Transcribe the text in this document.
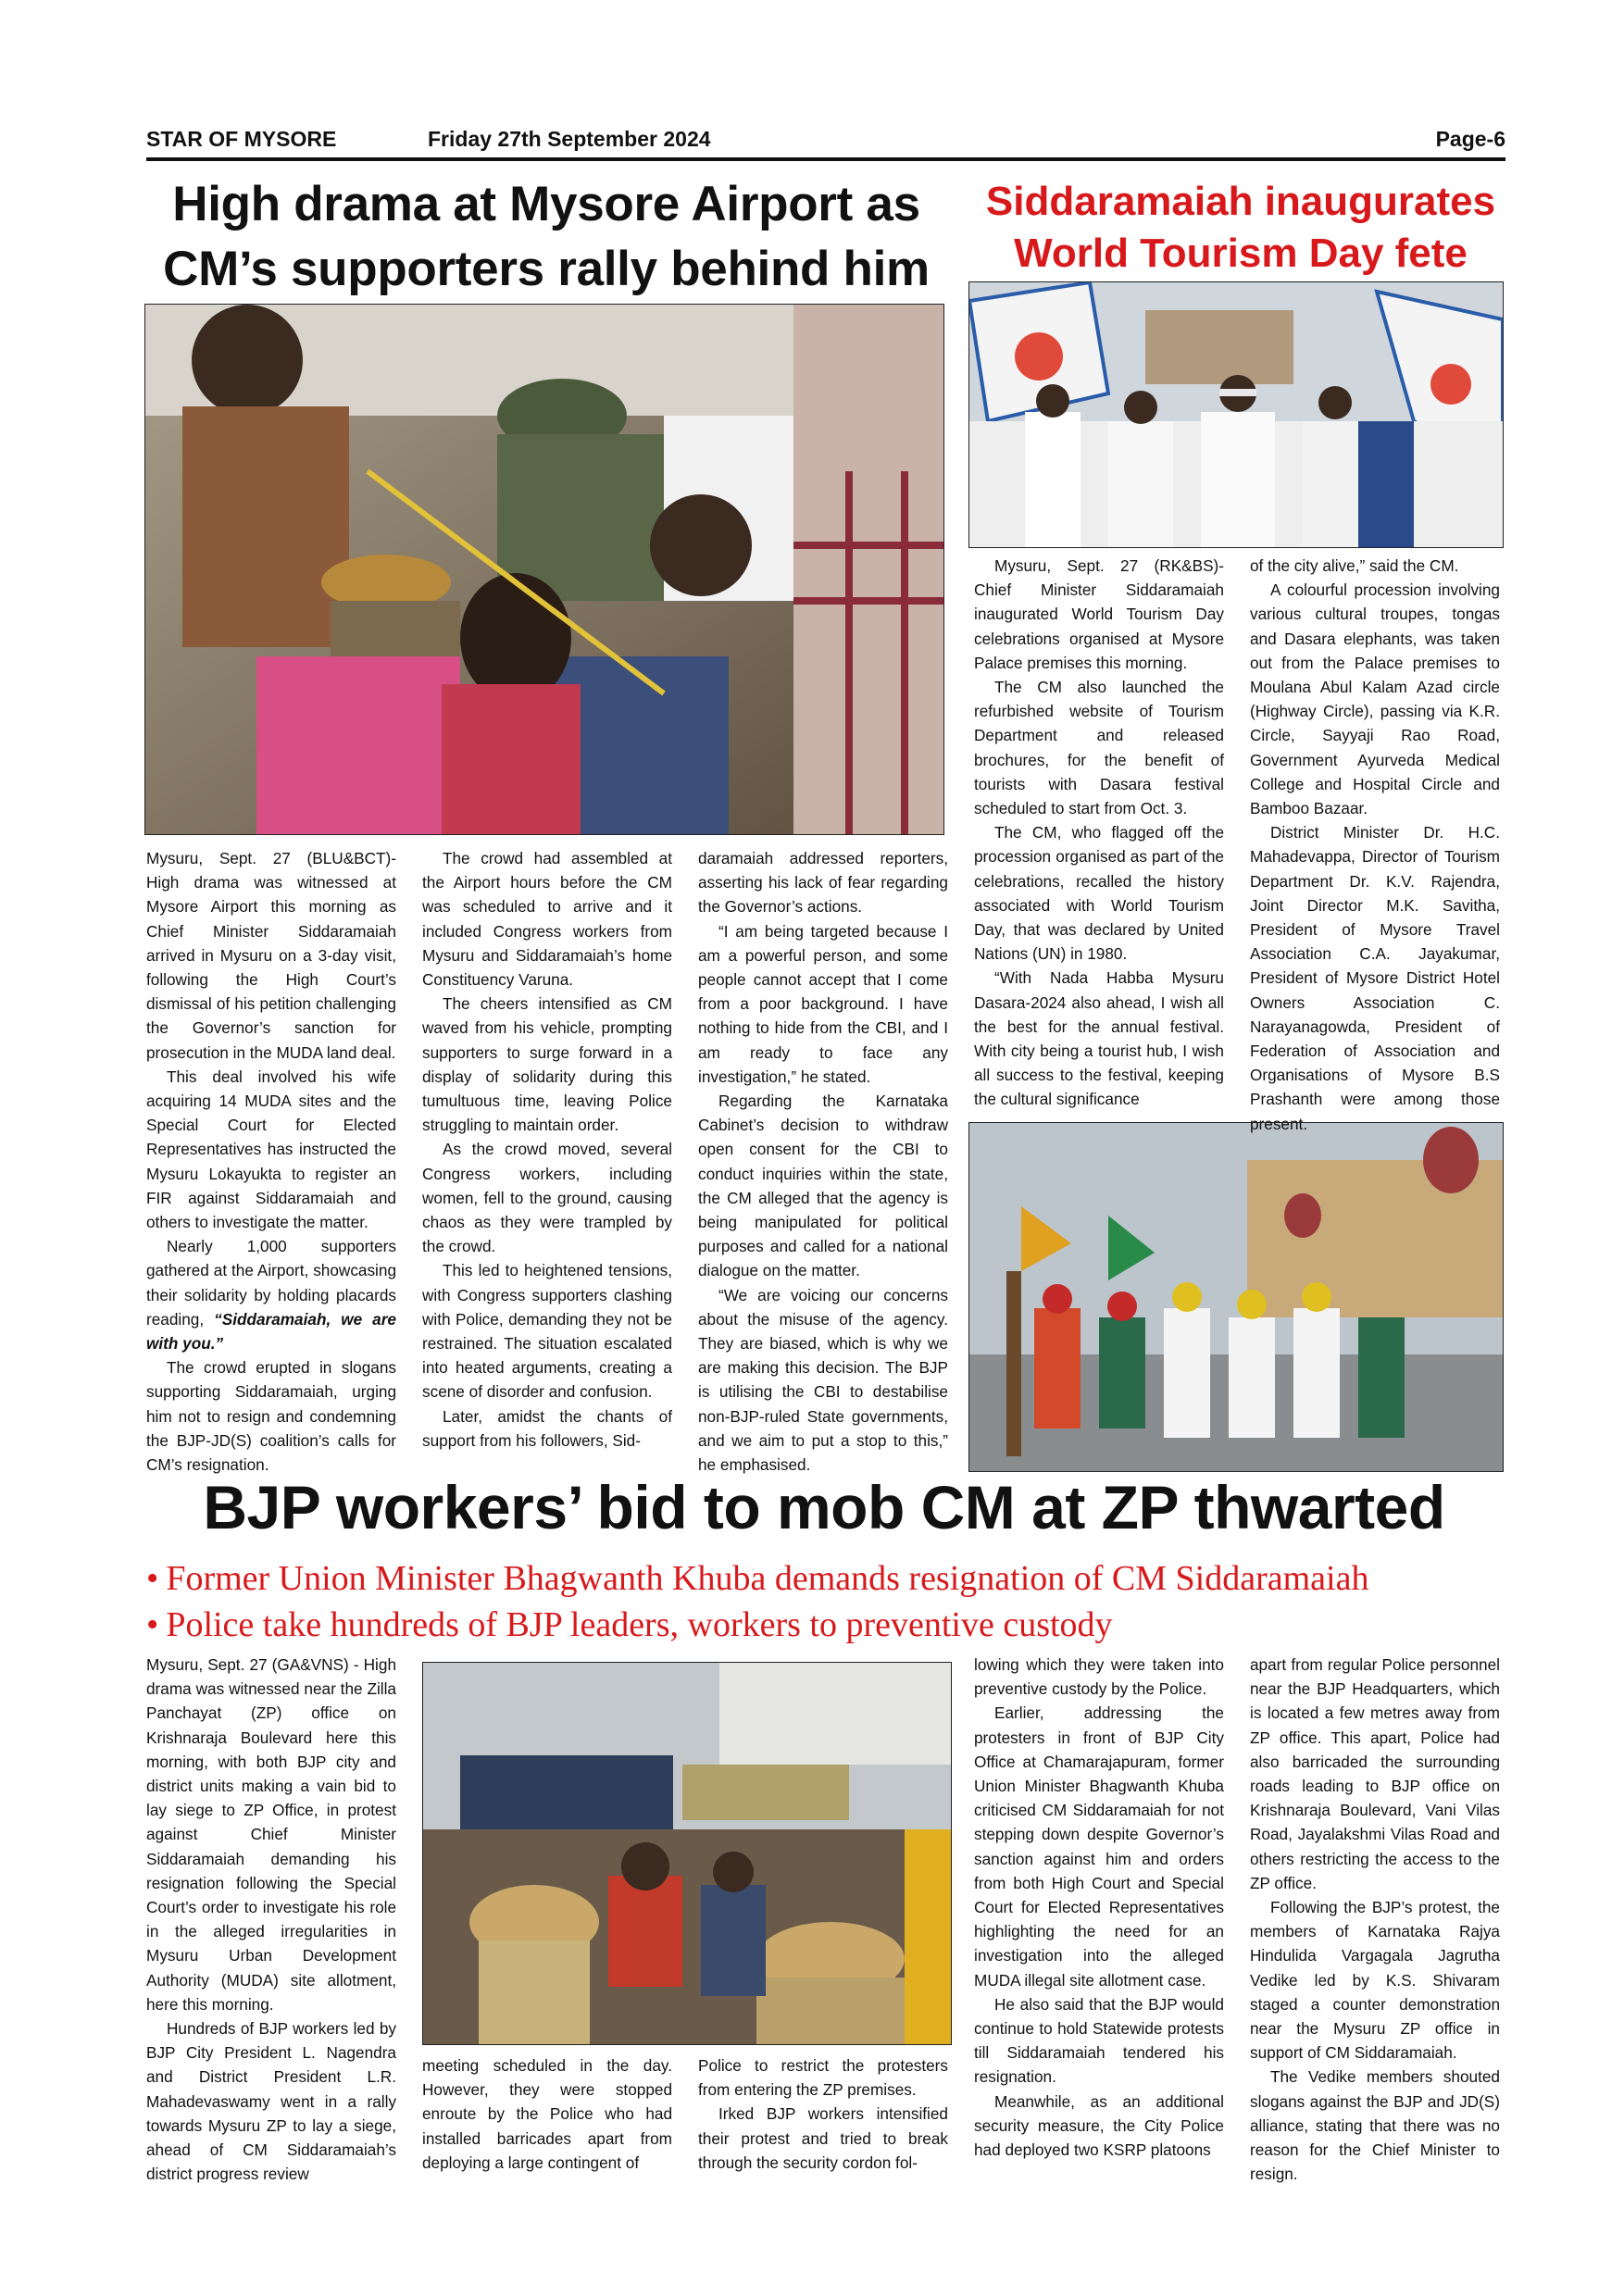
STAR OF MYSORE	Friday 27th September 2024	Page-6
High drama at Mysore Airport as
CM’s supporters rally behind him
Siddaramaiah inaugurates
World Tourism Day fete

Mysuru, Sept. 27 (BLU&BCT)- High drama was witnessed at Mysore Airport this morning as Chief Minister Siddaramaiah arrived in Mysuru on a 3-day visit, following the High Court’s dismissal of his petition challenging the Governor’s sanction for prosecution in the MUDA land deal.

This deal involved his wife acquiring 14 MUDA sites and the Special Court for Elected Representatives has instructed the Mysuru Lokayukta to register an FIR against Siddaramaiah and others to investigate the matter.

Nearly 1,000 supporters gathered at the Airport, showcasing their solidarity by holding placards reading, “Siddaramaiah, we are with you.”

The crowd erupted in slogans supporting Siddaramaiah, urging him not to resign and condemning the BJP-JD(S) coalition’s calls for CM’s resignation.

The crowd had assembled at the Airport hours before the CM was scheduled to arrive and it included Congress workers from Mysuru and Siddaramaiah’s home Constituency Varuna.

The cheers intensified as CM waved from his vehicle, prompting supporters to surge forward in a display of solidarity during this tumultuous time, leaving Police struggling to maintain order.

As the crowd moved, several Congress workers, including women, fell to the ground, causing chaos as they were trampled by the crowd.

This led to heightened tensions, with Congress supporters clashing with Police, demanding they not be restrained. The situation escalated into heated arguments, creating a scene of disorder and confusion.

Later, amidst the chants of support from his followers, Sid-

daramaiah addressed reporters, asserting his lack of fear regarding the Governor’s actions.

“I am being targeted because I am a powerful person, and some people cannot accept that I come from a poor background. I have nothing to hide from the CBI, and I am ready to face any investigation,” he stated.

Regarding the Karnataka Cabinet’s decision to withdraw open consent for the CBI to conduct inquiries within the state, the CM alleged that the agency is being manipulated for political purposes and called for a national dialogue on the matter.

“We are voicing our concerns about the misuse of the agency. They are biased, which is why we are making this decision. The BJP is utilising the CBI to destabilise non-BJP-ruled State governments, and we aim to put a stop to this,” he emphasised.

Mysuru, Sept. 27 (RK&BS)- Chief Minister Siddaramaiah inaugurated World Tourism Day celebrations organised at Mysore Palace premises this morning.

The CM also launched the refurbished website of Tourism Department and released brochures, for the benefit of tourists with Dasara festival scheduled to start from Oct. 3.

The CM, who flagged off the procession organised as part of the celebrations, recalled the history associated with World Tourism Day, that was declared by United Nations (UN) in 1980.

“With Nada Habba Mysuru Dasara-2024 also ahead, I wish all the best for the annual festival. With city being a tourist hub, I wish all success to the festival, keeping the cultural significance

of the city alive,” said the CM.

A colourful procession involving various cultural troupes, tongas and Dasara elephants, was taken out from the Palace premises to Moulana Abul Kalam Azad circle (Highway Circle), passing via K.R. Circle, Sayyaji Rao Road, Government Ayurveda Medical College and Hospital Circle and Bamboo Bazaar.

District Minister Dr. H.C. Mahadevappa, Director of Tourism Department Dr. K.V. Rajendra, Joint Director M.K. Savitha, President of Mysore Travel Association C.A. Jayakumar, President of Mysore District Hotel Owners Association C. Narayanagowda, President of Federation of Association and Organisations of Mysore B.S Prashanth were among those present.

BJP workers’ bid to mob CM at ZP thwarted
• Former Union Minister Bhagwanth Khuba demands resignation of CM Siddaramaiah
• Police take hundreds of BJP leaders, workers to preventive custody

Mysuru, Sept. 27 (GA&VNS) - High drama was witnessed near the Zilla Panchayat (ZP) office on Krishnaraja Boulevard here this morning, with both BJP city and district units making a vain bid to lay siege to ZP Office, in protest against Chief Minister Siddaramaiah demanding his resignation following the Special Court’s order to investigate his role in the alleged irregularities in Mysuru Urban Development Authority (MUDA) site allotment, here this morning.

Hundreds of BJP workers led by BJP City President L. Nagendra and District President L.R. Mahadevaswamy went in a rally towards Mysuru ZP to lay a siege, ahead of CM Siddaramaiah’s district progress review

meeting scheduled in the day. However, they were stopped enroute by the Police who had installed barricades apart from deploying a large contingent of

Police to restrict the protesters from entering the ZP premises.

Irked BJP workers intensified their protest and tried to break through the security cordon fol-

lowing which they were taken into preventive custody by the Police.

Earlier, addressing the protesters in front of BJP City Office at Chamarajapuram, former Union Minister Bhagwanth Khuba criticised CM Siddaramaiah for not stepping down despite Governor’s sanction against him and orders from both High Court and Special Court for Elected Representatives highlighting the need for an investigation into the alleged MUDA illegal site allotment case.

He also said that the BJP would continue to hold Statewide protests till Siddaramaiah tendered his resignation.

Meanwhile, as an additional security measure, the City Police had deployed two KSRP platoons

apart from regular Police personnel near the BJP Headquarters, which is located a few metres away from ZP office. This apart, Police had also barricaded the surrounding roads leading to BJP office on Krishnaraja Boulevard, Vani Vilas Road, Jayalakshmi Vilas Road and others restricting the access to the ZP office.

Following the BJP’s protest, the members of Karnataka Rajya Hindulida Vargagala Jagrutha Vedike led by K.S. Shivaram staged a counter demonstration near the Mysuru ZP office in support of CM Siddaramaiah.

The Vedike members shouted slogans against the BJP and JD(S) alliance, stating that there was no reason for the Chief Minister to resign.
